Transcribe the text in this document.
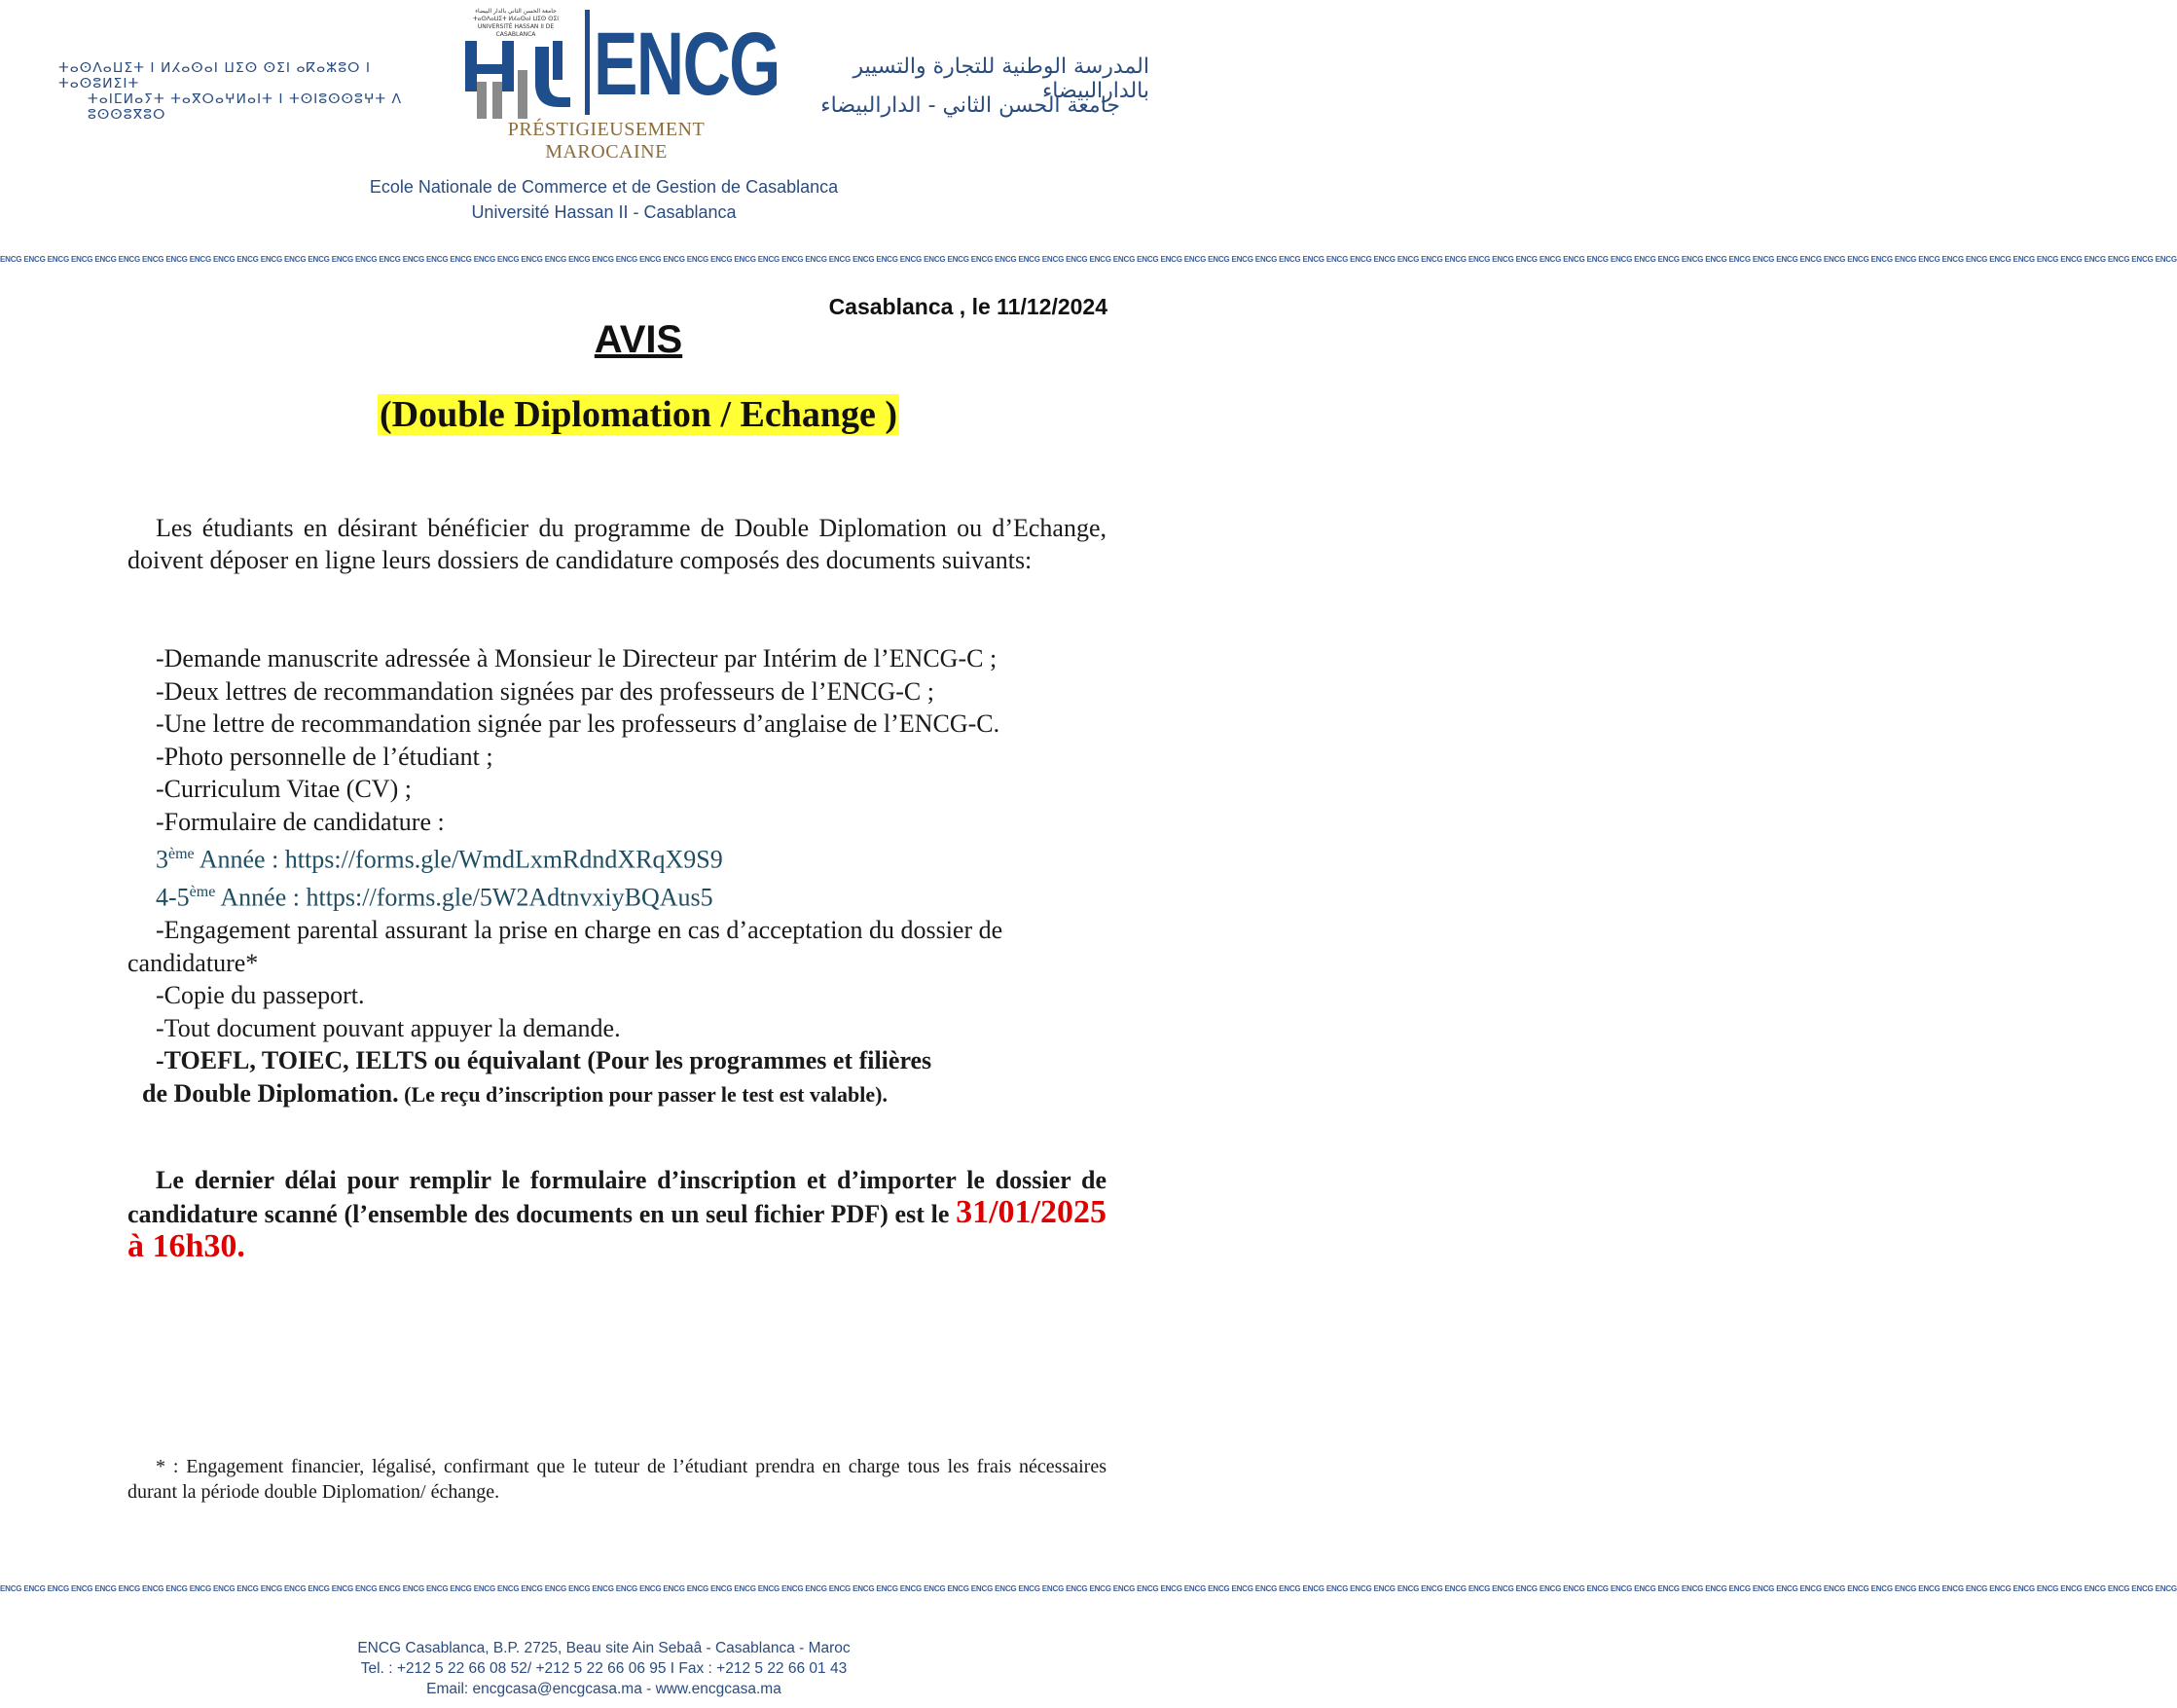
ⵜⴰⵙⴷⴰⵡⵉⵜ ⵏ ⵍⵃⴰⵙⴰⵏ ⵡⵉⵙ ⵙⵉⵏ ⴰⴽⴰⵣⵓⵔ ⵏ ⵜⴰⵙⵓⵍⵉⵏⵜ
ⵜⴰⵏⵎⵍⴰⵢⵜ ⵜⴰⴳⵔⴰⵖⵍⴰⵏⵜ ⵏ ⵜⵙⵏⵓⵙⵙⵓⵖⵜ ⴷ ⵓⵙⵙⵓⴳⵓⵔ
جامعة الحسن الثاني بالدار البيضاء
ⵜⴰⵙⴷⴰⵡⵉⵜ ⵍⵃⴰⵙⴰⵏ ⵡⵉⵙ ⵙⵉⵏ
UNIVERSITÉ HASSAN II DE CASABLANCA ENCG
PRÉSTIGIEUSEMENT MAROCAINE
المدرسة الوطنية للتجارة والتسيير بالدارالبيضاء
جامعة الحسن الثاني - الدارالبيضاء
Ecole Nationale de Commerce et de Gestion de Casablanca
Université Hassan II - Casablanca
ENCG ENCG ENCG ENCG ENCG ENCG ENCG ENCG ENCG ENCG ENCG ENCG ENCG ENCG ENCG ENCG ENCG ENCG ENCG ENCG ENCG ENCG ENCG ENCG ENCG ENCG ENCG ENCG ENCG ENCG ENCG ENCG ENCG ENCG ENCG ENCG ENCG ENCG ENCG ENCG ENCG ENCG ENCG ENCG ENCG ENCG ENCG ENCG ENCG ENCG ENCG ENCG ENCG ENCG ENCG ENCG ENCG ENCG ENCG ENCG ENCG ENCG ENCG ENCG ENCG ENCG ENCG ENCG ENCG ENCG ENCG ENCG ENCG ENCG ENCG ENCG ENCG ENCG ENCG ENCG ENCG ENCG ENCG ENCG ENCG ENCG ENCG ENCG ENCG ENCG ENCG ENCG
Casablanca , le 11/12/2024
AVIS
(Double Diplomation / Echange )

Les étudiants en désirant bénéficier du programme de Double Diplomation ou d’Echange, doivent déposer en ligne leurs dossiers de candidature composés des documents suivants:

-Demande manuscrite adressée à Monsieur le Directeur par Intérim de l’ENCG-C ;
-Deux lettres de recommandation signées par des professeurs de l’ENCG-C ;
-Une lettre de recommandation signée par les professeurs d’anglaise de l’ENCG-C.
-Photo personnelle de l’étudiant ;
-Curriculum Vitae (CV) ;
-Formulaire de candidature :
3ème Année : https://forms.gle/WmdLxmRdndXRqX9S9
4-5ème Année : https://forms.gle/5W2AdtnvxiyBQAus5
-Engagement parental assurant la prise en charge en cas d’acceptation du dossier de candidature*
-Copie du passeport.
-Tout document pouvant appuyer la demande.
-TOEFL, TOIEC, IELTS ou équivalant (Pour les programmes et filières
de Double Diplomation. (Le reçu d’inscription pour passer le test est valable).

Le dernier délai pour remplir le formulaire d’inscription et d’importer le dossier de candidature scanné (l’ensemble des documents en un seul fichier PDF) est le 31/01/2025 à 16h30.

* : Engagement financier, légalisé, confirmant que le tuteur de l’étudiant prendra en charge tous les frais nécessaires durant la période double Diplomation/ échange.

ENCG ENCG ENCG ENCG ENCG ENCG ENCG ENCG ENCG ENCG ENCG ENCG ENCG ENCG ENCG ENCG ENCG ENCG ENCG ENCG ENCG ENCG ENCG ENCG ENCG ENCG ENCG ENCG ENCG ENCG ENCG ENCG ENCG ENCG ENCG ENCG ENCG ENCG ENCG ENCG ENCG ENCG ENCG ENCG ENCG ENCG ENCG ENCG ENCG ENCG ENCG ENCG ENCG ENCG ENCG ENCG ENCG ENCG ENCG ENCG ENCG ENCG ENCG ENCG ENCG ENCG ENCG ENCG ENCG ENCG ENCG ENCG ENCG ENCG ENCG ENCG ENCG ENCG ENCG ENCG ENCG ENCG ENCG ENCG ENCG ENCG ENCG ENCG ENCG ENCG ENCG ENCG
ENCG Casablanca, B.P. 2725, Beau site Ain Sebaâ - Casablanca - Maroc
Tel. : +212 5 22 66 08 52/ +212 5 22 66 06 95 I Fax : +212 5 22 66 01 43
Email: encgcasa@encgcasa.ma - www.encgcasa.ma
